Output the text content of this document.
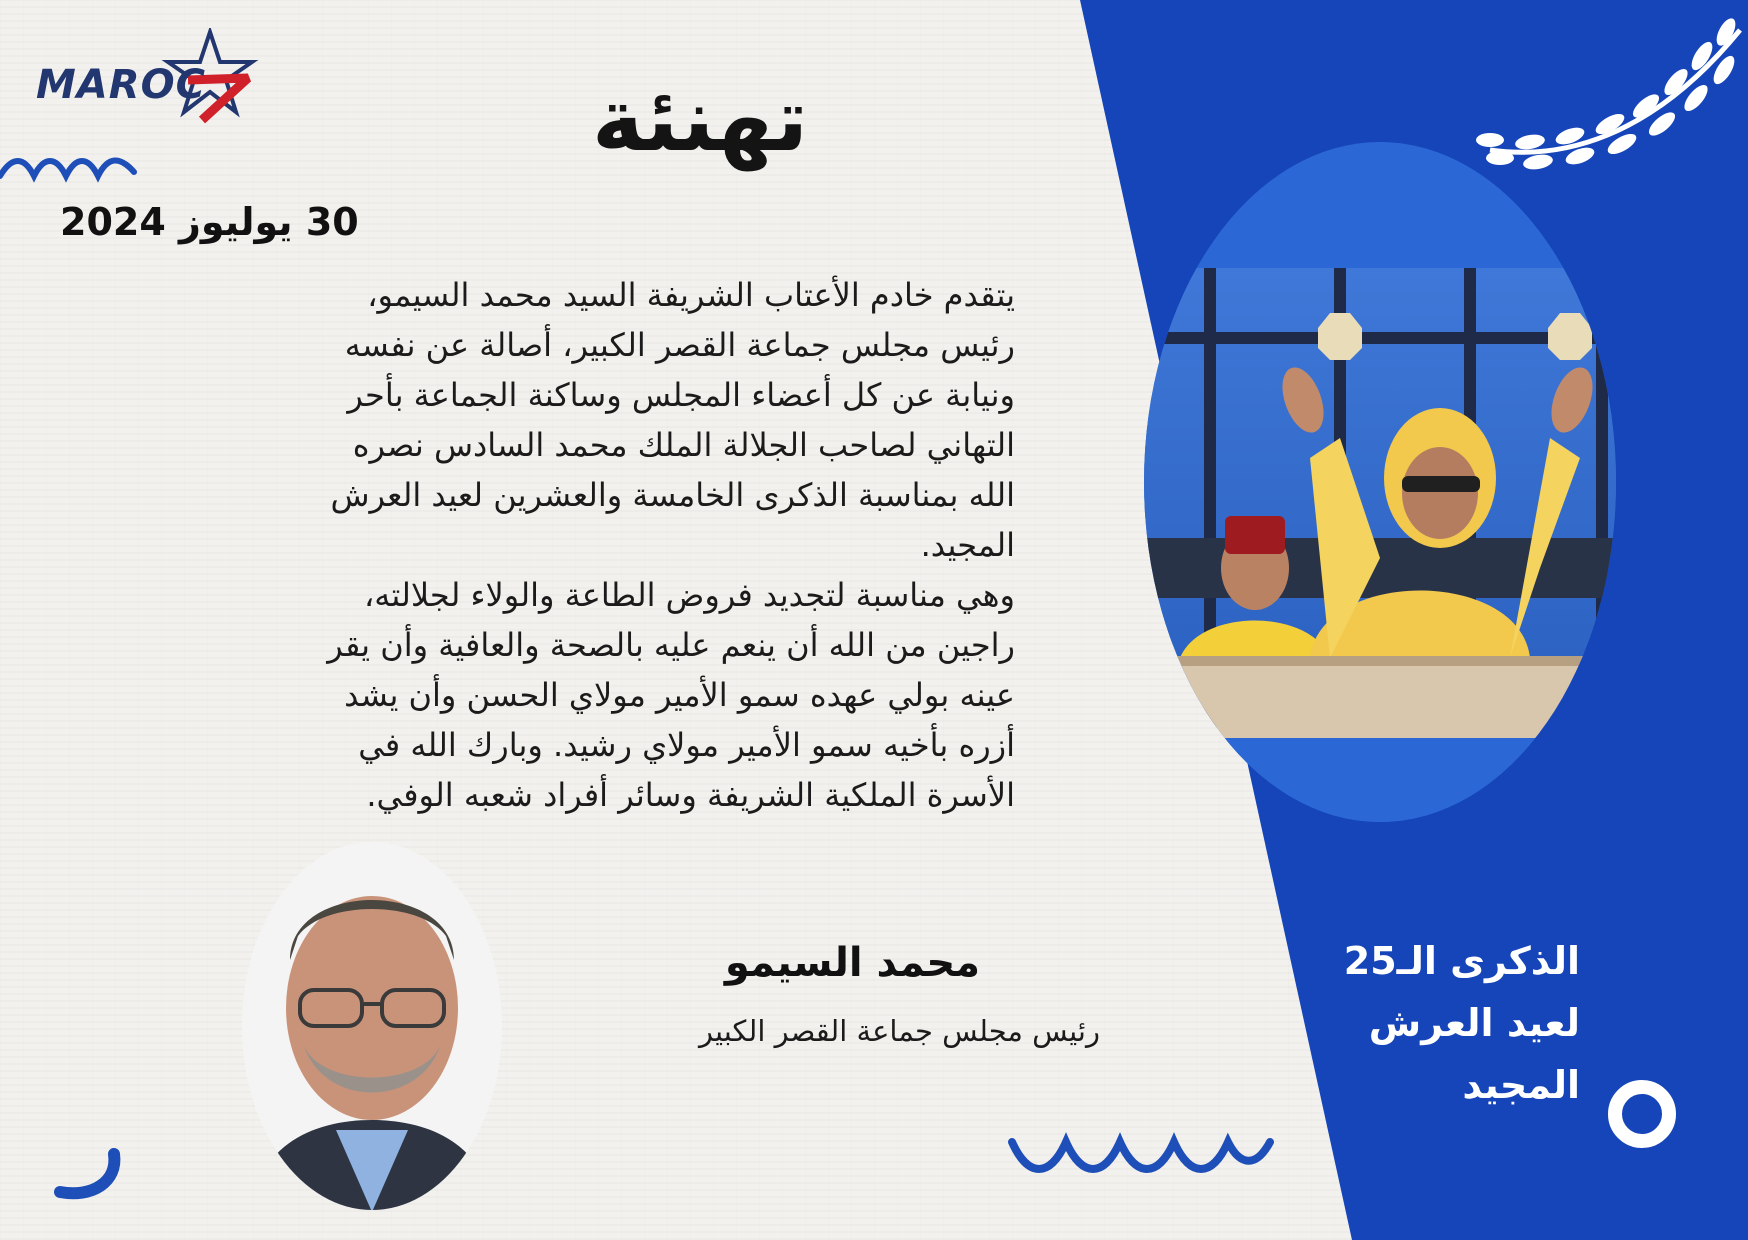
MAROC	تهنئة
30 يوليوز 2024

يتقدم خادم الأعتاب الشريفة السيد محمد السيمو،

رئيس مجلس جماعة القصر الكبير، أصالة عن نفسه

ونيابة عن كل أعضاء المجلس وساكنة الجماعة بأحر

التهاني لصاحب الجلالة الملك محمد السادس نصره

الله بمناسبة الذكرى الخامسة والعشرين لعيد العرش

المجيد.

وهي مناسبة لتجديد فروض الطاعة والولاء لجلالته،

راجين من الله أن ينعم عليه بالصحة والعافية وأن يقر

عينه بولي عهده سمو الأمير مولاي الحسن وأن يشد

أزره بأخيه سمو الأمير مولاي رشيد. وبارك الله في

الأسرة الملكية الشريفة وسائر أفراد شعبه الوفي.

محمد السيمو
رئيس مجلس جماعة القصر الكبير
الذكرى الـ25
لعيد العرش
المجيد
